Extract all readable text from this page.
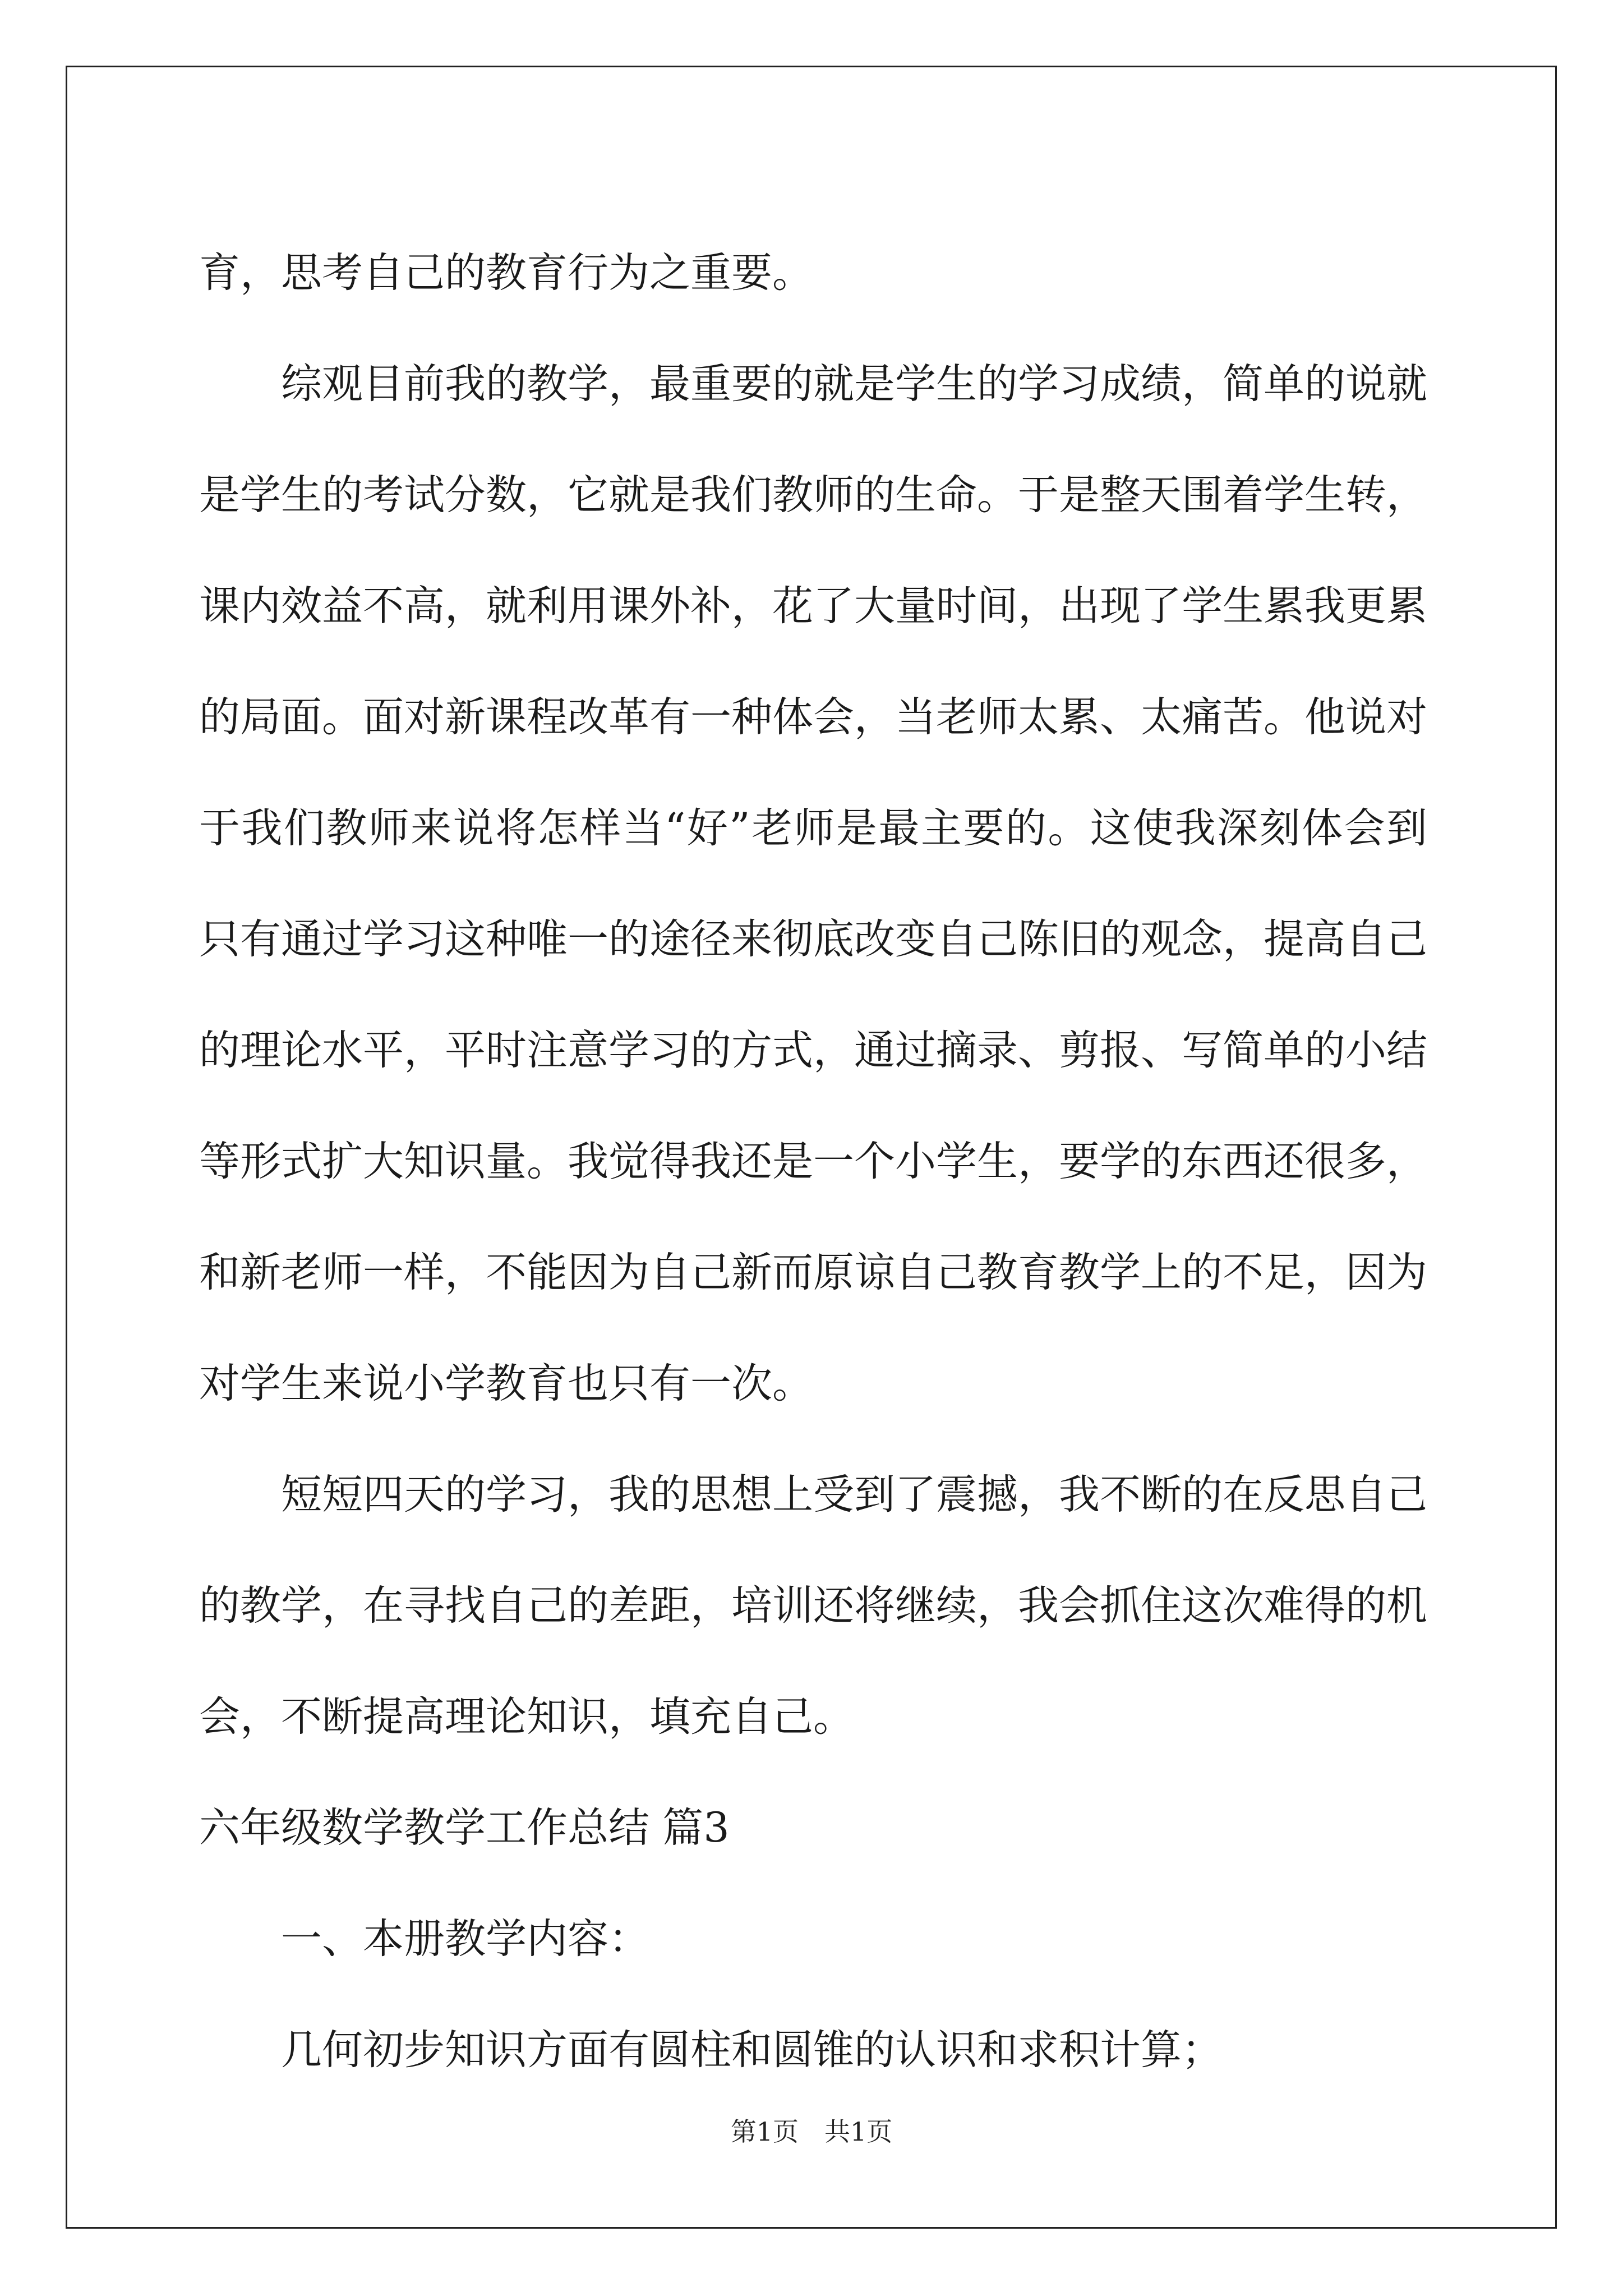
育，思考自己的教育行为之重要。
综观目前我的教学，最重要的就是学生的学习成绩，简单的说就
是学生的考试分数，它就是我们教师的生命。于是整天围着学生转，
课内效益不高，就利用课外补，花了大量时间，出现了学生累我更累
的局面。面对新课程改革有一种体会，当老师太累、太痛苦。他说对
于我们教师来说将怎样当“好”老师是最主要的。这使我深刻体会到
只有通过学习这种唯一的途径来彻底改变自己陈旧的观念，提高自己
的理论水平，平时注意学习的方式，通过摘录、剪报、写简单的小结
等形式扩大知识量。我觉得我还是一个小学生，要学的东西还很多，
和新老师一样，不能因为自己新而原谅自己教育教学上的不足，因为
对学生来说小学教育也只有一次。
短短四天的学习，我的思想上受到了震撼，我不断的在反思自己
的教学，在寻找自己的差距，培训还将继续，我会抓住这次难得的机
会，不断提高理论知识，填充自己。
六年级数学教学工作总结 篇3
一、本册教学内容：
几何初步知识方面有圆柱和圆锥的认识和求积计算；
第1页　共1页
